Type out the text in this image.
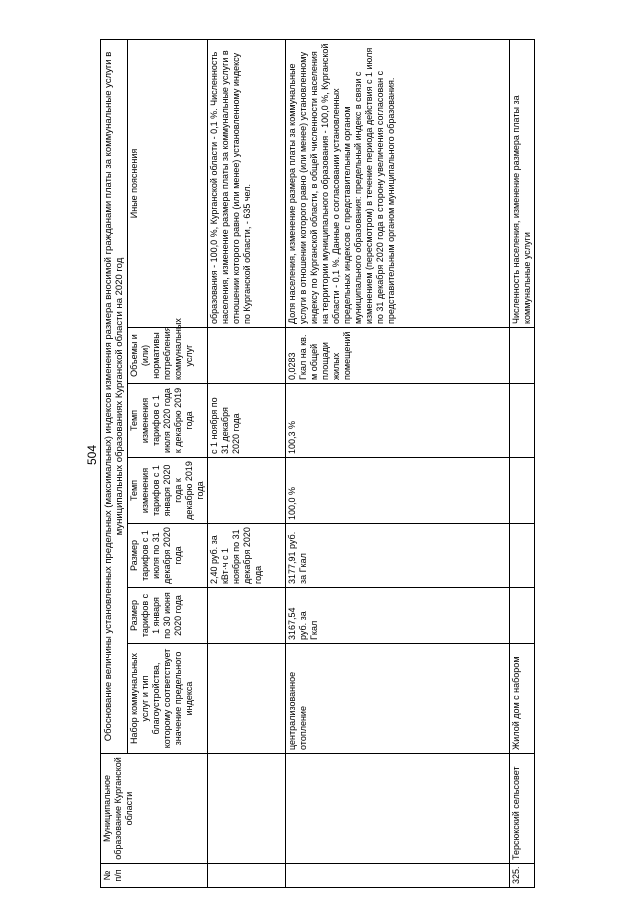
504
№ п/п	Муниципальное образование Курганской области	Обоснование величины установленных предельных (максимальных) индексов изменения размера вносимой гражданами платы за коммунальные услуги в муниципальных образованиях Курганской области на 2020 год						
		Набор коммунальных услуг и тип благоустройства, которому соответствует значение предельного индекса	Размер тарифов с 1 января по 30 июня 2020 года	Размер тарифов с 1 июля по 31 декабря 2020 года	Темп изменения тарифов с 1 января 2020 года к декабрю 2019 года	Темп изменения тарифов с 1 июля 2020 года к декабрю 2019 года	Объемы и (или) нормативы потребления коммунальных услуг	Иные пояснения
				2,40 руб. за кВт·ч с 1 ноября по 31 декабря 2020 года		с 1 ноября по 31 декабря 2020 года		образования - 100,0 %, Курганской области - 0,1 %. Численность населения, изменение размера платы за коммунальные услуги в отношении которого равно (или менее) установленному индексу по Курганской области, - 635 чел.
		централизованное отопление	3167,54 руб. за Гкал	3177,91 руб. за Гкал	100,0 %	100,3 %	0,0283 Гкал на кв. м общей площади жилых помещений	Доля населения, изменение размера платы за коммунальные услуги в отношении которого равно (или менее) установленному индексу по Курганской области, в общей численности населения на территории муниципального образования - 100,0 %, Курганской области - 0,1 %. Данные о согласовании установленных предельных индексов с представительным органом муниципального образования: предельный индекс в связи с изменением (пересмотром) в течение периода действия с 1 июля по 31 декабря 2020 года в сторону увеличения согласован с представительным органом муниципального образования.
325.	Терсюкский сельсовет	Жилой дом с набором						Численность населения, изменение размера платы за коммунальные услуги
